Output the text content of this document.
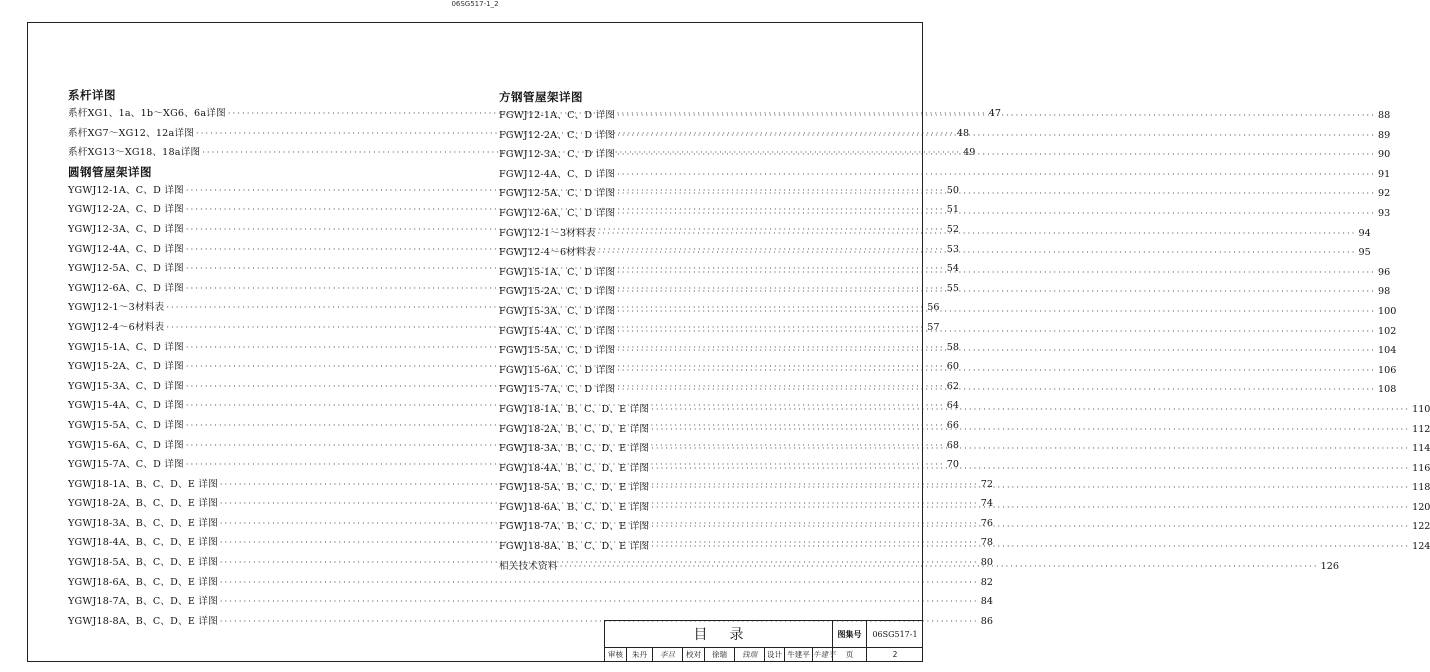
06SG517-1_2
系杆详图
系杆XG1、1a、1b～XG6、6a详图 ·····	47
系杆XG7～XG12、12a详图 ·····	48
系杆XG13～XG18、18a详图 ·····	49
圆钢管屋架详图
YGWJ12-1A、C、D 详图 ·····	50
YGWJ12-2A、C、D 详图 ·····	51
YGWJ12-3A、C、D 详图 ·····	52
YGWJ12-4A、C、D 详图 ·····	53
YGWJ12-5A、C、D 详图 ·····	54
YGWJ12-6A、C、D 详图 ·····	55
YGWJ12-1～3材料表 ·····	56
YGWJ12-4～6材料表 ·····	57
YGWJ15-1A、C、D 详图 ·····	58
YGWJ15-2A、C、D 详图 ·····	60
YGWJ15-3A、C、D 详图 ·····	62
YGWJ15-4A、C、D 详图 ·····	64
YGWJ15-5A、C、D 详图 ·····	66
YGWJ15-6A、C、D 详图 ·····	68
YGWJ15-7A、C、D 详图 ·····	70
YGWJ18-1A、B、C、D、E 详图 ·····	72
YGWJ18-2A、B、C、D、E 详图 ·····	74
YGWJ18-3A、B、C、D、E 详图 ·····	76
YGWJ18-4A、B、C、D、E 详图 ·····	78
YGWJ18-5A、B、C、D、E 详图 ·····	80
YGWJ18-6A、B、C、D、E 详图 ·····	82
YGWJ18-7A、B、C、D、E 详图 ·····	84
YGWJ18-8A、B、C、D、E 详图 ·····	86
方钢管屋架详图
FGWJ12-1A、C、D 详图 ·····	88
FGWJ12-2A、C、D 详图 ·····	89
FGWJ12-3A、C、D 详图 ·····	90
FGWJ12-4A、C、D 详图 ·····	91
FGWJ12-5A、C、D 详图 ·····	92
FGWJ12-6A、C、D 详图 ·····	93
FGWJ12-1～3材料表 ·····	94
FGWJ12-4～6材料表 ·····	95
FGWJ15-1A、C、D 详图 ·····	96
FGWJ15-2A、C、D 详图 ·····	98
FGWJ15-3A、C、D 详图 ·····	100
FGWJ15-4A、C、D 详图 ·····	102
FGWJ15-5A、C、D 详图 ·····	104
FGWJ15-6A、C、D 详图 ·····	106
FGWJ15-7A、C、D 详图 ·····	108
FGWJ18-1A、B、C、D、E 详图 ·····	110
FGWJ18-2A、B、C、D、E 详图 ·····	112
FGWJ18-3A、B、C、D、E 详图 ·····	114
FGWJ18-4A、B、C、D、E 详图 ·····	116
FGWJ18-5A、B、C、D、E 详图 ·····	118
FGWJ18-6A、B、C、D、E 详图 ·····	120
FGWJ18-7A、B、C、D、E 详图 ·····	122
FGWJ18-8A、B、C、D、E 详图 ·····	124
相关技术资料 ·····	126
目录	图集号	06SG517-1
审核	朱丹	李旦	校对	徐瑞	钱瑞	设计 牛建平 牛建平	页	2
